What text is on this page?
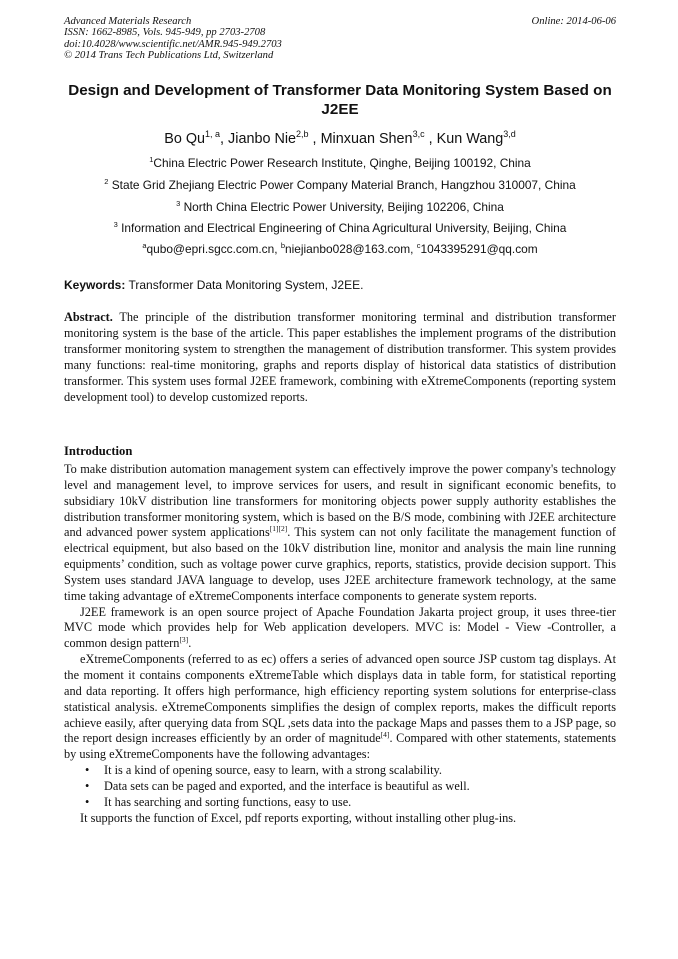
Advanced Materials Research
ISSN: 1662-8985, Vols. 945-949, pp 2703-2708
doi:10.4028/www.scientific.net/AMR.945-949.2703
© 2014 Trans Tech Publications Ltd, Switzerland
Online: 2014-06-06
Design and Development of Transformer Data Monitoring System Based on J2EE
Bo Qu$^{1, a}$, Jianbo Nie$^{2,b}$ , Minxuan Shen$^{3,c}$ , Kun Wang$^{3,d}$
$^1$China Electric Power Research Institute, Qinghe, Beijing 100192, China
$^2$ State Grid Zhejiang Electric Power Company Material Branch, Hangzhou 310007, China
$^3$ North China Electric Power University, Beijing 102206, China
$^3$ Information and Electrical Engineering of China Agricultural University, Beijing, China
$^a$qubo@epri.sgcc.com.cn, $^b$niejianbo028@163.com, $^c$1043395291@qq.com
Keywords: Transformer Data Monitoring System, J2EE.
Abstract. The principle of the distribution transformer monitoring terminal and distribution transformer monitoring system is the base of the article. This paper establishes the implement programs of the distribution transformer monitoring system to strengthen the management of distribution transformer. This system provides many functions: real-time monitoring, graphs and reports display of historical data statistics of distribution transformer. This system uses formal J2EE framework, combining with eXtremeComponents (reporting system development tool) to develop customized reports.
Introduction

To make distribution automation management system can effectively improve the power company's technology level and management level, to improve services for users, and result in significant economic benefits, to subsidiary 10kV distribution line transformers for monitoring objects power supply authority establishes the distribution transformer monitoring system, which is based on the B/S mode, combining with J2EE architecture and advanced power system applications[1][2]. This system can not only facilitate the management function of electrical equipment, but also based on the 10kV distribution line, monitor and analysis the main line running equipments’ condition, such as voltage power curve graphics, reports, statistics, provide decision support. This System uses standard JAVA language to develop, uses J2EE architecture framework technology, at the same time taking advantage of eXtremeComponents interface components to generate system reports.

J2EE framework is an open source project of Apache Foundation Jakarta project group, it uses three-tier MVC mode which provides help for Web application developers. MVC is: Model - View -Controller, a common design pattern[3].

eXtremeComponents (referred to as ec) offers a series of advanced open source JSP custom tag displays. At the moment it contains components eXtremeTable which displays data in table form, for statistical reporting and data reporting. It offers high performance, high efficiency reporting system solutions for enterprise-class statistical analysis. eXtremeComponents simplifies the design of complex reports, makes the difficult reports achieve easily, after querying data from SQL ,sets data into the package Maps and passes them to a JSP page, so the report design increases efficiently by an order of magnitude[4]. Compared with other statements, statements by using eXtremeComponents have the following advantages:

• It is a kind of opening source, easy to learn, with a strong scalability.
• Data sets can be paged and exported, and the interface is beautiful as well.
• It has searching and sorting functions, easy to use.

It supports the function of Excel, pdf reports exporting, without installing other plug-ins.
